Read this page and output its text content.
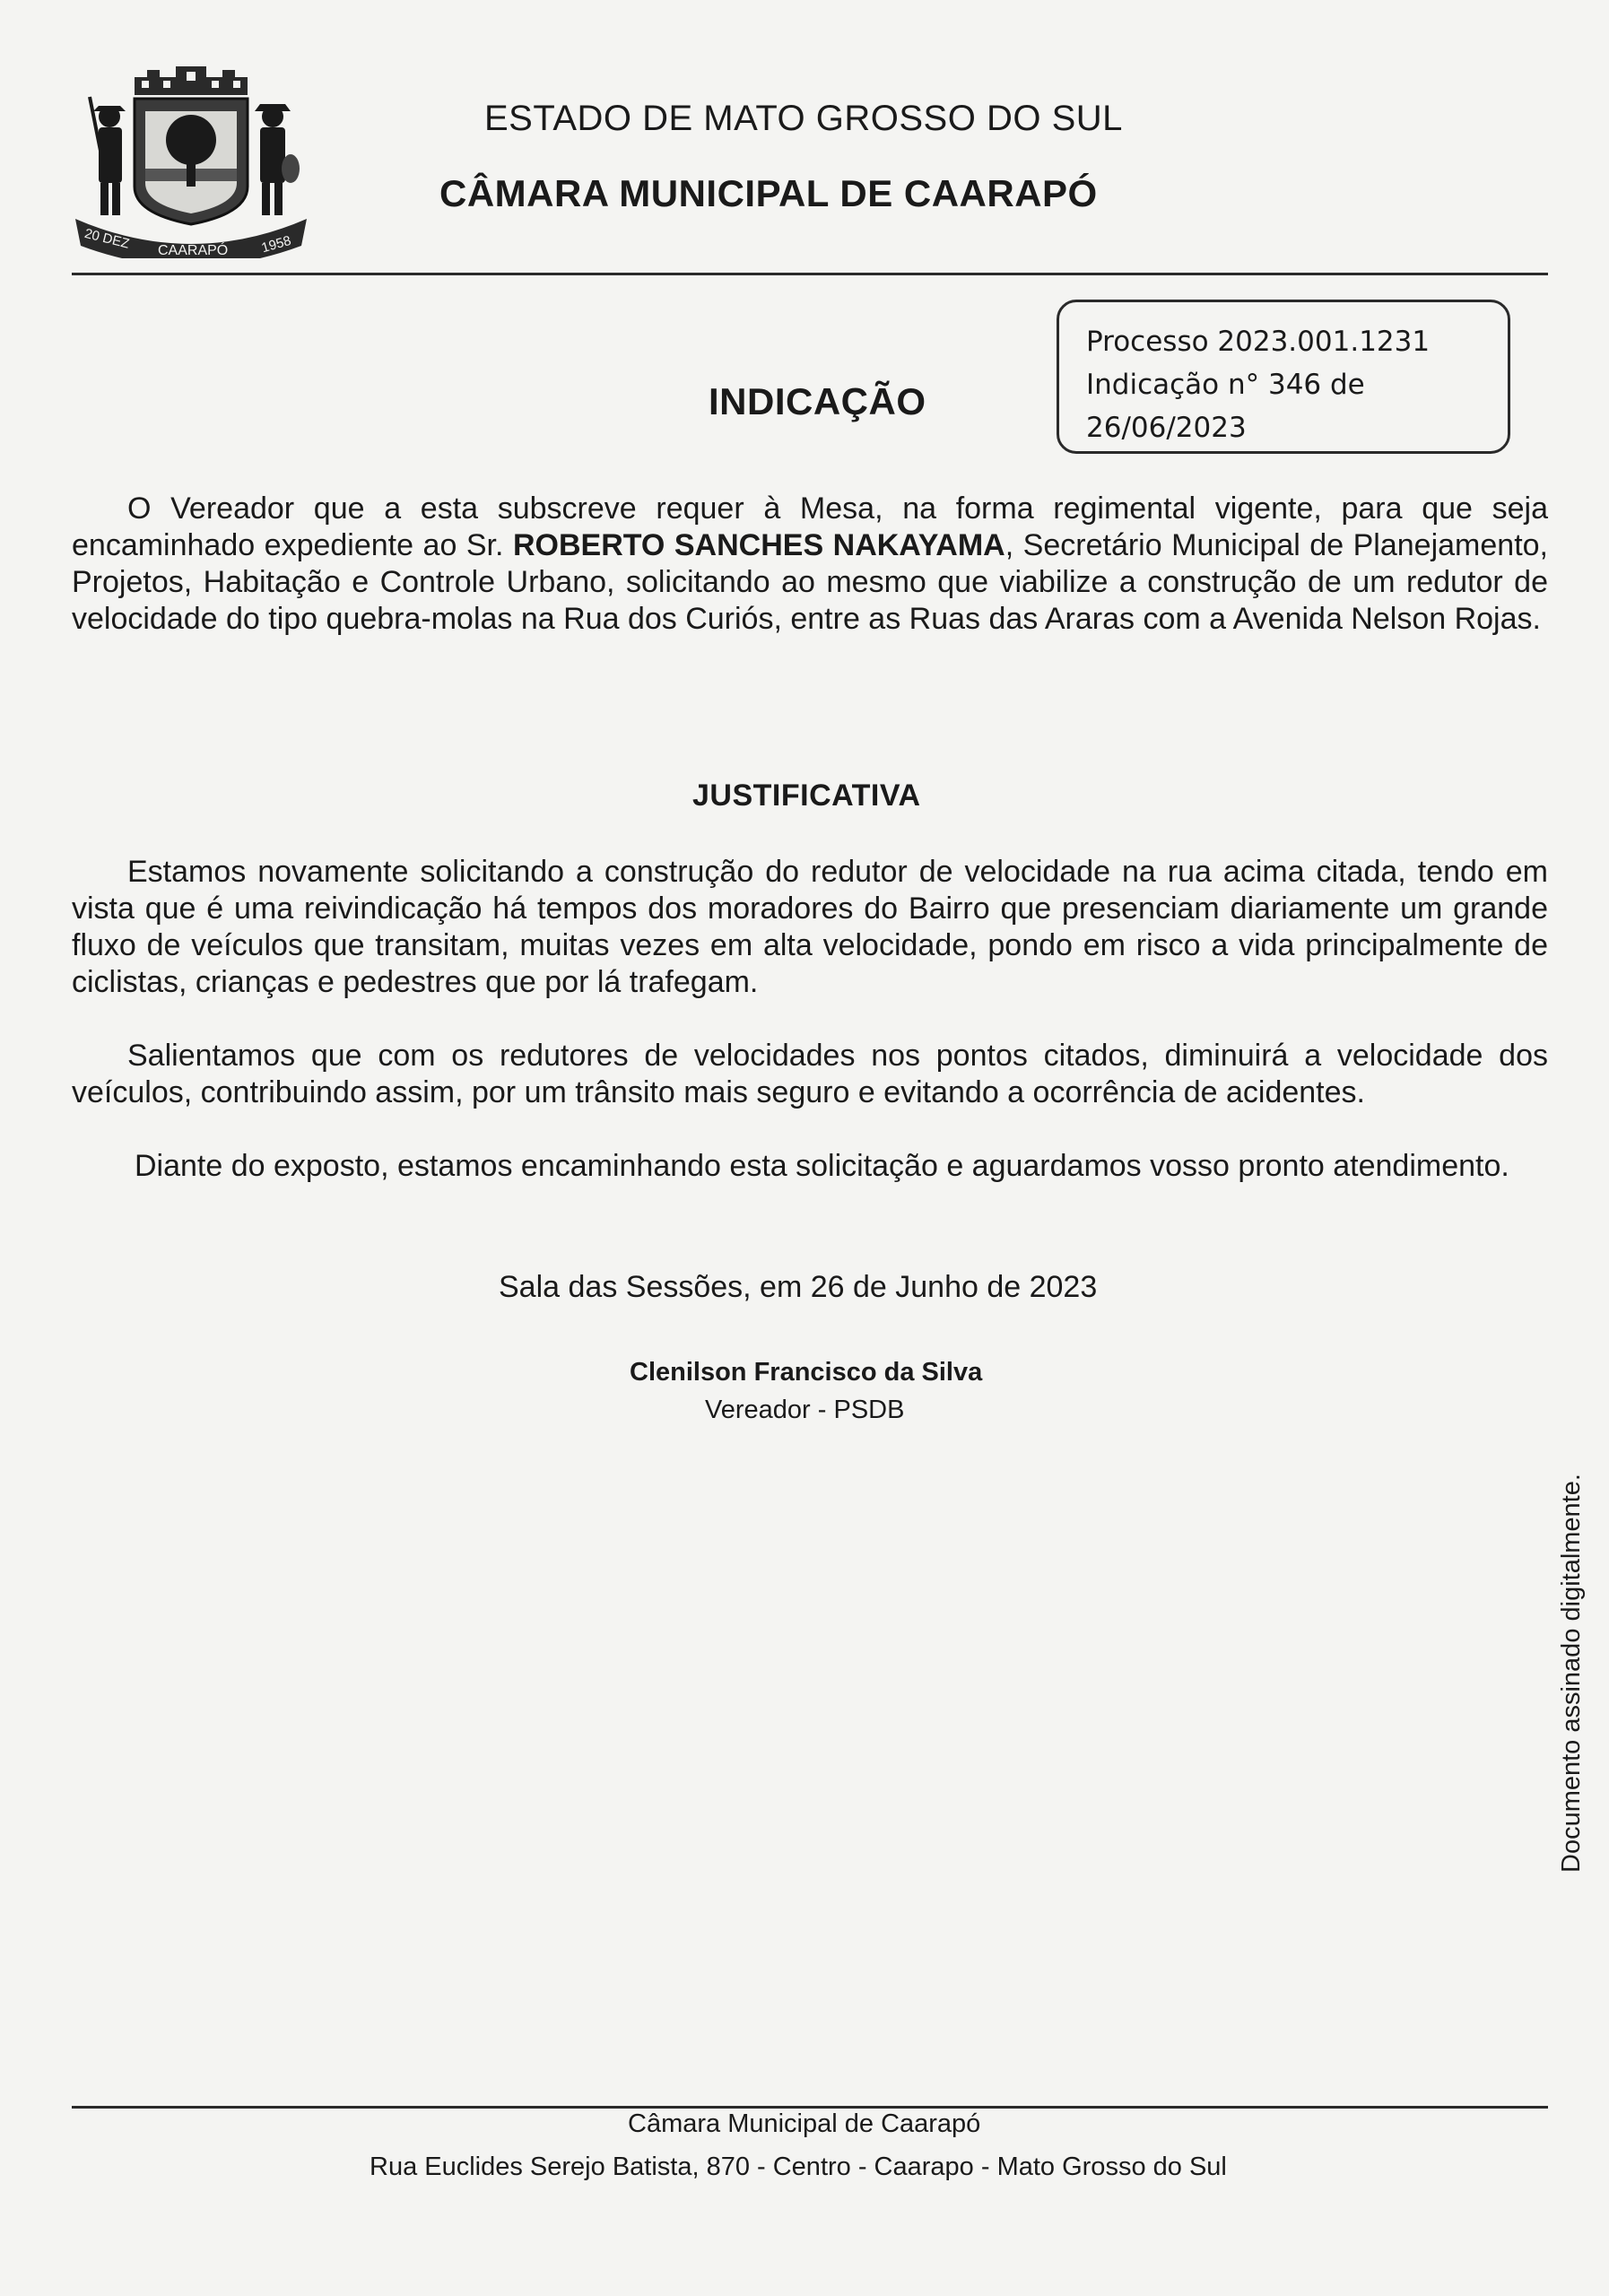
20 DEZ CAARAPÓ 1958
ESTADO DE MATO GROSSO DO SUL
CÂMARA MUNICIPAL DE CAARAPÓ
Processo 2023.001.1231
Indicação n° 346 de
26/06/2023
INDICAÇÃO
O Vereador que a esta subscreve requer à Mesa, na forma regimental vigente, para que seja encaminhado expediente ao Sr. ROBERTO SANCHES NAKAYAMA, Secretário Municipal de Planejamento, Projetos, Habitação e Controle Urbano, solicitando ao mesmo que viabilize a construção de um redutor de velocidade do tipo quebra-molas na Rua dos Curiós, entre as Ruas das Araras com a Avenida Nelson Rojas.
JUSTIFICATIVA
Estamos novamente solicitando a construção do redutor de velocidade na rua acima citada, tendo em vista que é uma reivindicação há tempos dos moradores do Bairro que presenciam diariamente um grande fluxo de veículos que transitam, muitas vezes em alta velocidade, pondo em risco a vida principalmente de ciclistas, crianças e pedestres que por lá trafegam.
Salientamos que com os redutores de velocidades nos pontos citados, diminuirá a velocidade dos veículos, contribuindo assim, por um trânsito mais seguro e evitando a ocorrência de acidentes.
Diante do exposto, estamos encaminhando esta solicitação e aguardamos vosso pronto atendimento.
Sala das Sessões, em 26 de Junho de 2023
Clenilson Francisco da Silva
Vereador - PSDB
Documento assinado digitalmente.
Câmara Municipal de Caarapó
Rua Euclides Serejo Batista, 870 - Centro - Caarapo - Mato Grosso do Sul
